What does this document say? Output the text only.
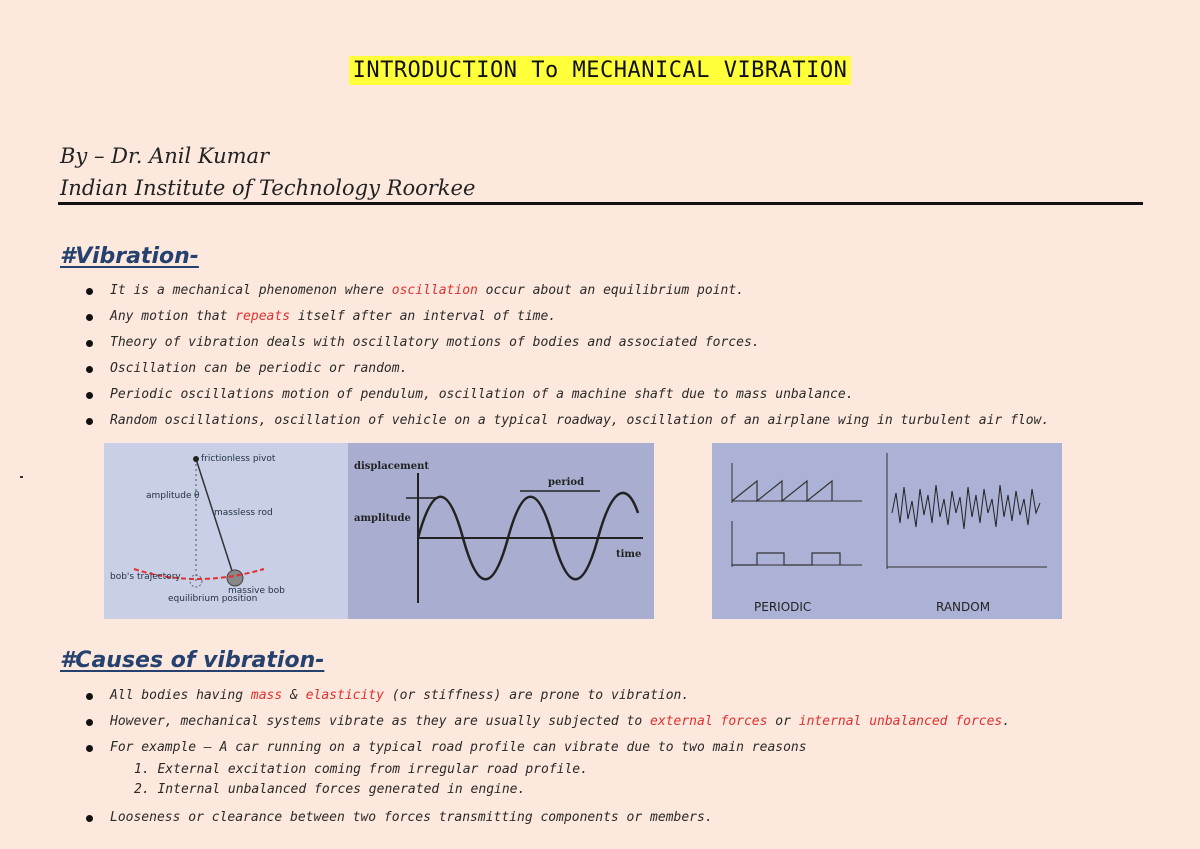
INTRODUCTION To MECHANICAL VIBRATION
By – Dr. Anil Kumar
Indian Institute of Technology Roorkee
#Vibration-
It is a mechanical phenomenon where oscillation occur about an equilibrium point.
Any motion that repeats itself after an interval of time.
Theory of vibration deals with oscillatory motions of bodies and associated forces.
Oscillation can be periodic or random.
Periodic oscillations motion of pendulum, oscillation of a machine shaft due to mass unbalance.
Random oscillations, oscillation of vehicle on a typical roadway, oscillation of an airplane wing in turbulent air flow.
frictionless pivot
amplitude θ
massless rod
bob's trajectory
massive bob
equilibrium position
displacement
amplitude
period
time
PERIODIC	RANDOM
#Causes of vibration-
All bodies having mass & elasticity (or stiffness) are prone to vibration.
However, mechanical systems vibrate as they are usually subjected to external forces or internal unbalanced forces.
For example – A car running on a typical road profile can vibrate due to two main reasons
1. External excitation coming from irregular road profile.
2. Internal unbalanced forces generated in engine.
Looseness or clearance between two forces transmitting components or members.
